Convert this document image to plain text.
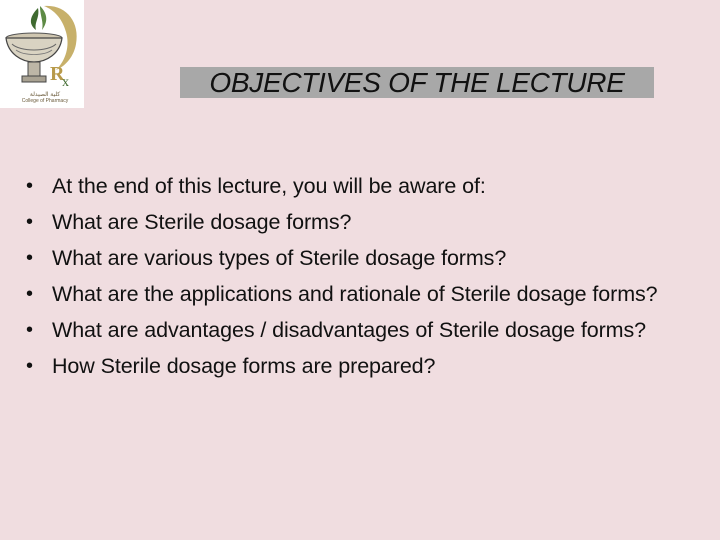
R
x
كلية الصيدلة
College of Pharmacy
OBJECTIVES OF THE LECTURE
• At the end of this lecture, you will be aware of:
• What are Sterile dosage forms?
• What are various types of Sterile dosage forms?
• What are the applications and rationale of Sterile dosage forms?
• What are advantages / disadvantages of Sterile dosage forms?
• How Sterile dosage forms are prepared?
